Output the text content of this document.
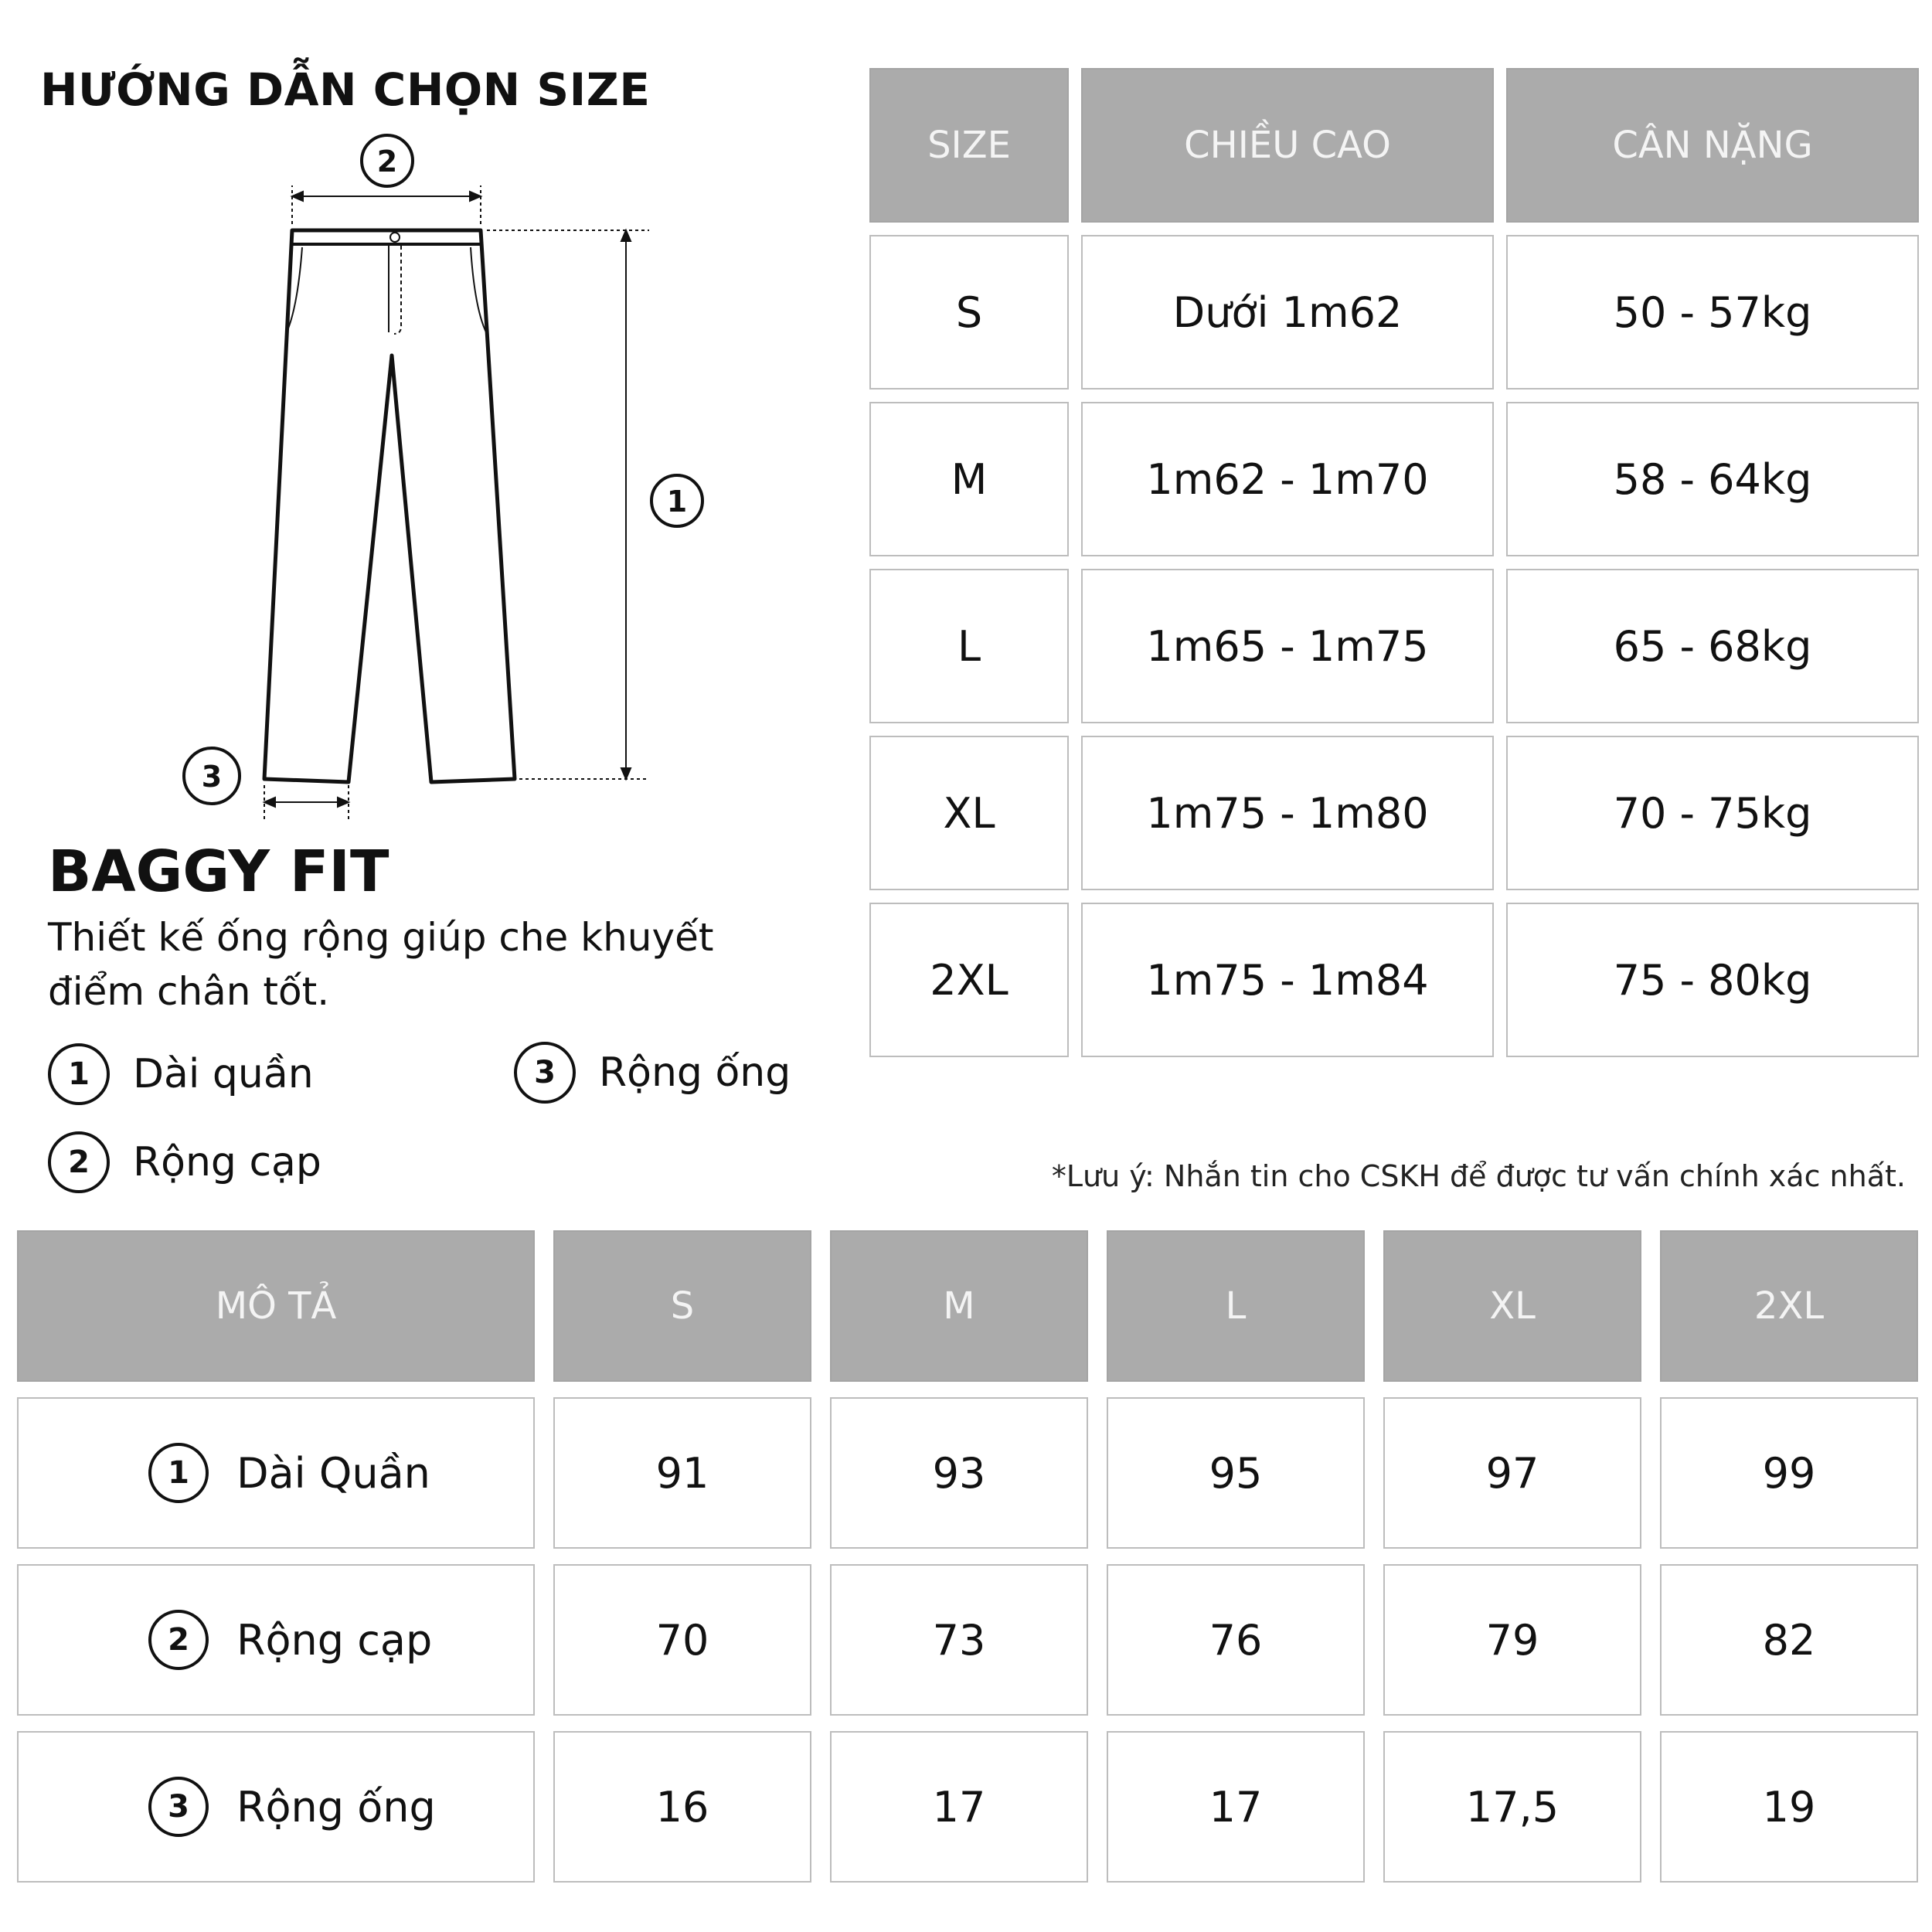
HƯỚNG DẪN CHỌN SIZE
2
1
3
BAGGY FIT

Thiết kế ống rộng giúp che khuyết điểm chân tốt.

1	Dài quần
2	Rộng cạp
3	Rộng ống
SIZE	CHIỀU CAO	CÂN NẶNG
S	Dưới 1m62	50 - 57kg
M	1m62 - 1m70	58 - 64kg
L	1m65 - 1m75	65 - 68kg
XL	1m75 - 1m80	70 - 75kg
2XL	1m75 - 1m84	75 - 80kg

*Lưu ý: Nhắn tin cho CSKH để được tư vấn chính xác nhất.

MÔ TẢ	S	M	L	XL	2XL
1	Dài Quần	91	93	95	97	99
2	Rộng cạp	70	73	76	79	82
3	Rộng ống	16	17	17	17,5	19
